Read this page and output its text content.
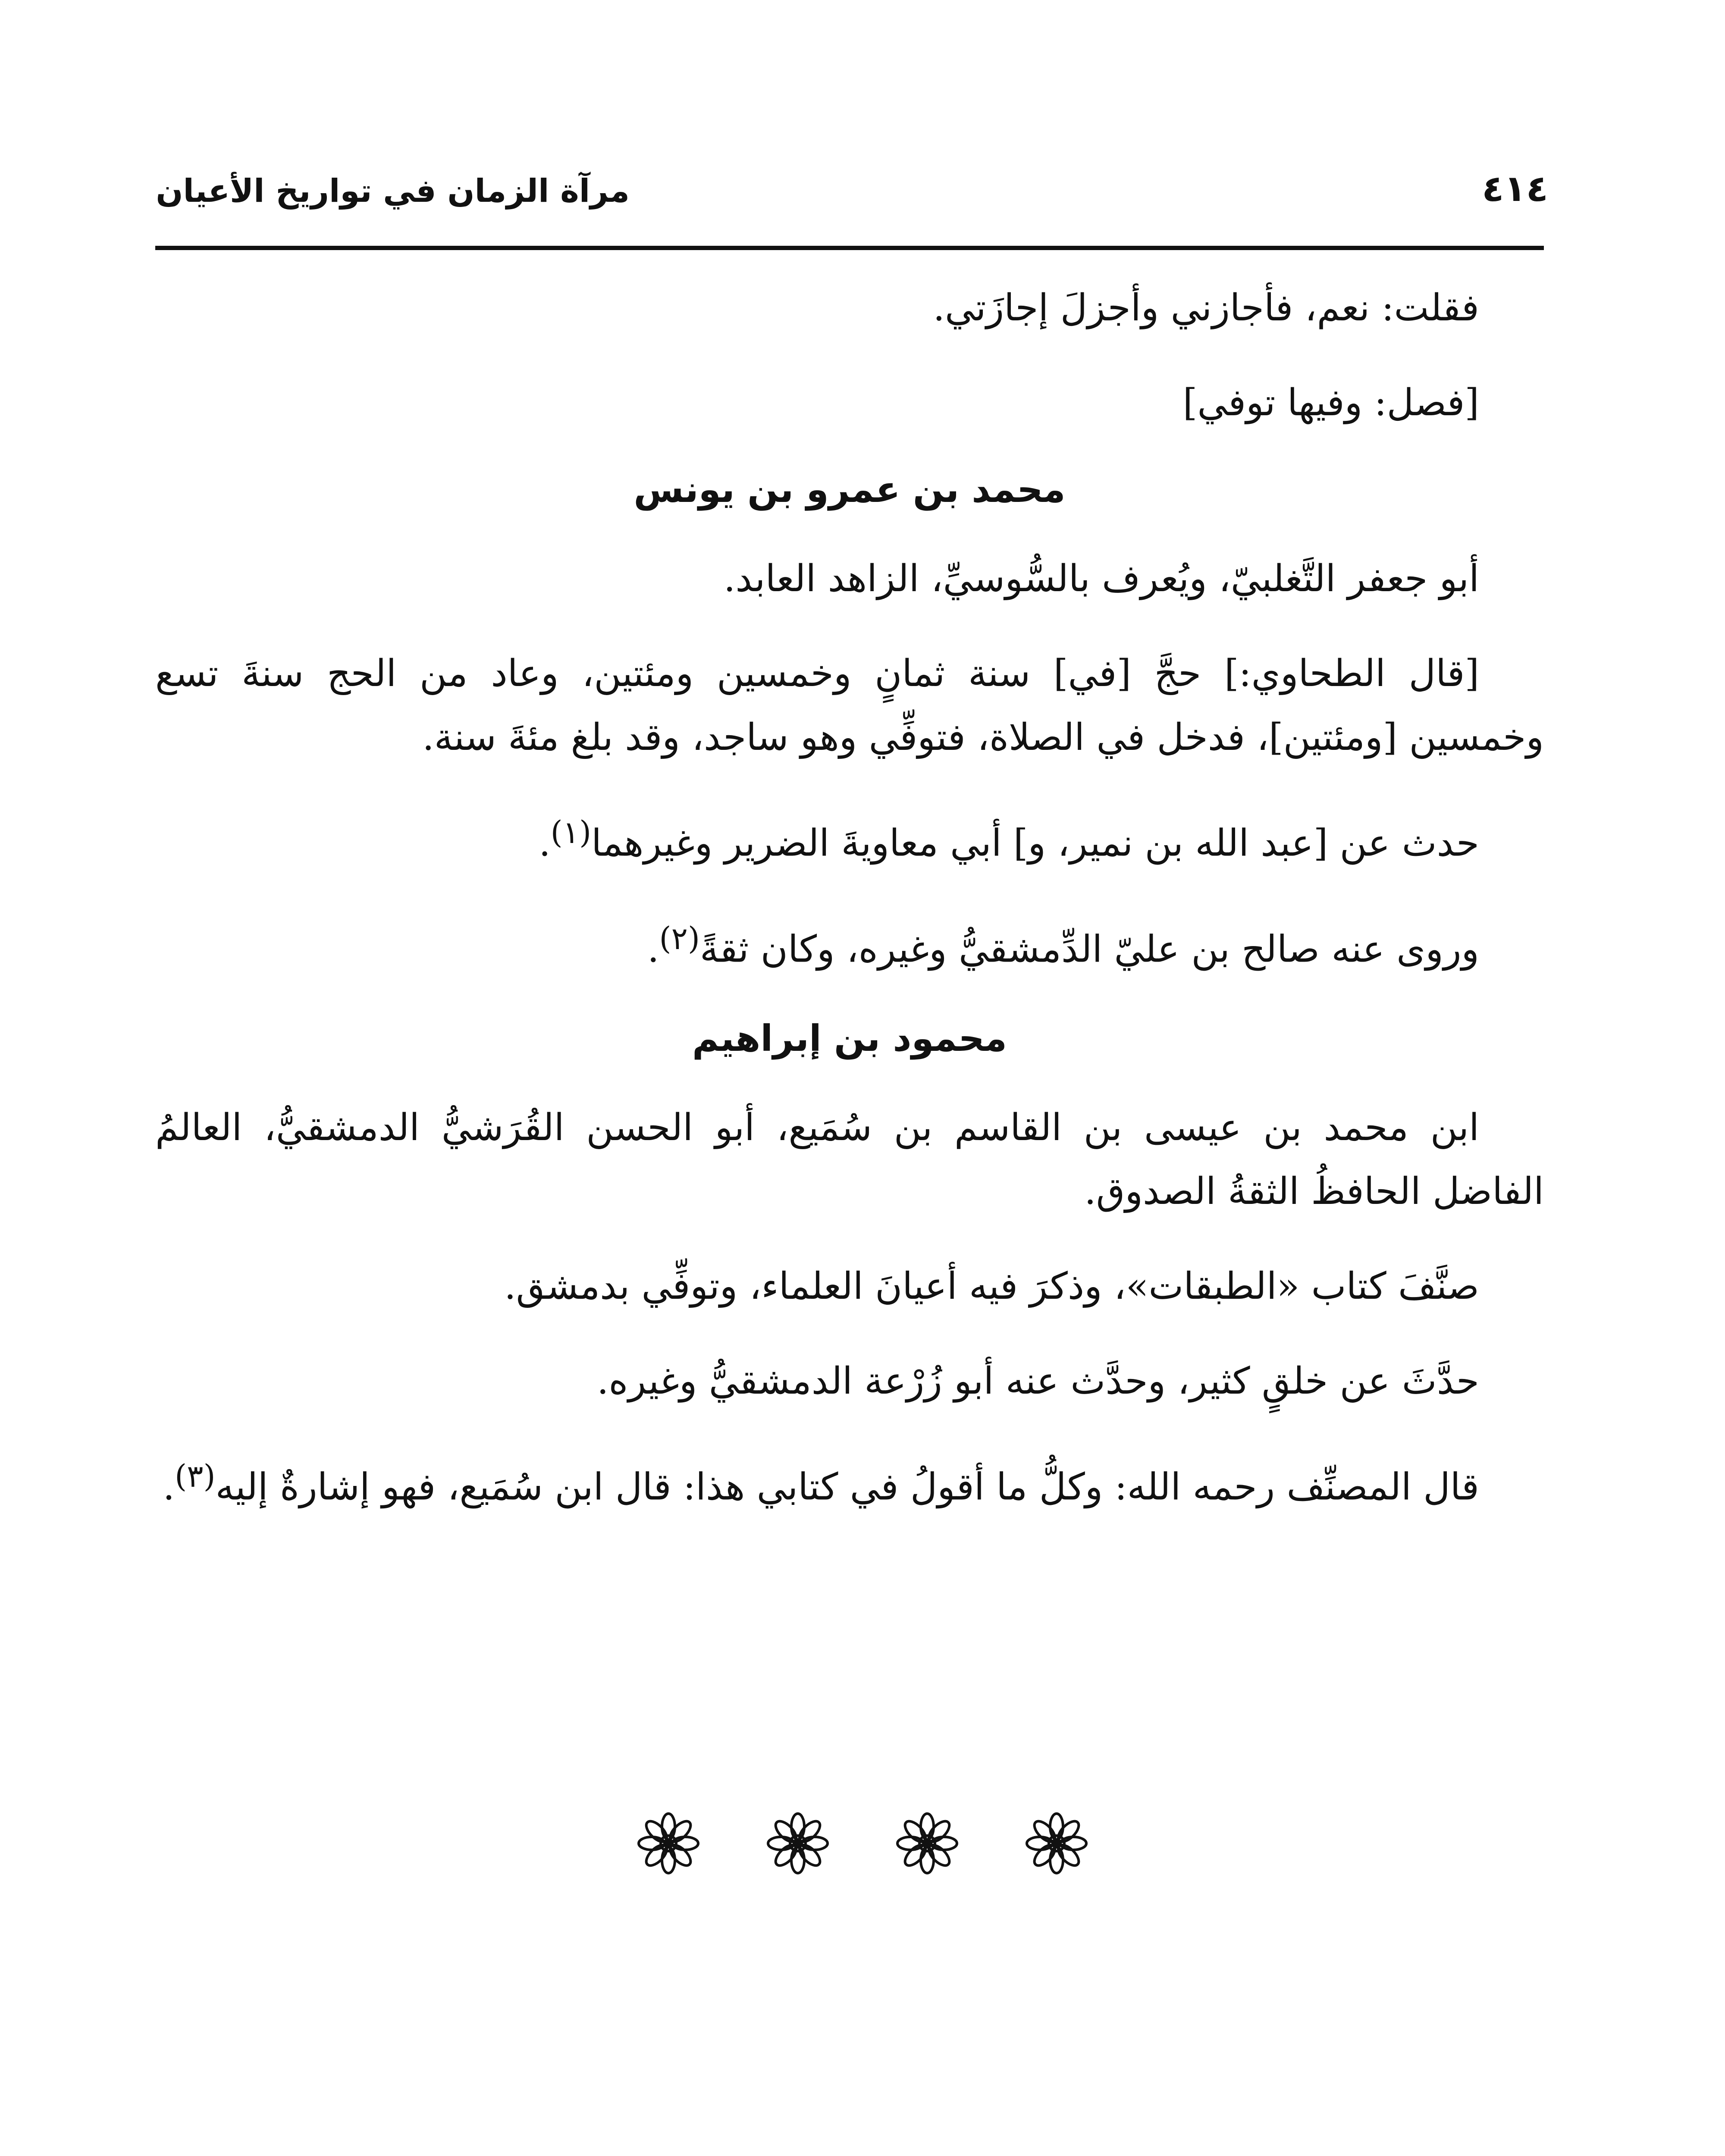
مرآة الزمان في تواريخ الأعيان	٤١٤

فقلت: نعم، فأجازني وأجزلَ إجازَتي.

[فصل: وفيها توفي]

محمد بن عمرو بن يونس

أبو جعفر التَّغلبيّ، ويُعرف بالسُّوسيِّ، الزاهد العابد.

[قال الطحاوي:] حجَّ [في] سنة ثمانٍ وخمسين ومئتين، وعاد من الحج سنةَ تسع وخمسين [ومئتين]، فدخل في الصلاة، فتوفِّي وهو ساجد، وقد بلغ مئةَ سنة.

حدث عن [عبد الله بن نمير، و] أبي معاويةَ الضرير وغيرهما$^{(١)}$.

وروى عنه صالح بن عليّ الدِّمشقيُّ وغيره، وكان ثقةً$^{(٢)}$.

محمود بن إبراهيم

ابن محمد بن عيسى بن القاسم بن سُمَيع، أبو الحسن القُرَشيُّ الدمشقيُّ، العالمُ الفاضل الحافظُ الثقةُ الصدوق.

صنَّفَ كتاب «الطبقات»، وذكرَ فيه أعيانَ العلماء، وتوفِّي بدمشق.

حدَّثَ عن خلقٍ كثير، وحدَّث عنه أبو زُرْعة الدمشقيُّ وغيره.

قال المصنِّف رحمه الله: وكلُّ ما أقولُ في كتابي هذا: قال ابن سُمَيع، فهو إشارةٌ إليه$^{(٣)}$.
